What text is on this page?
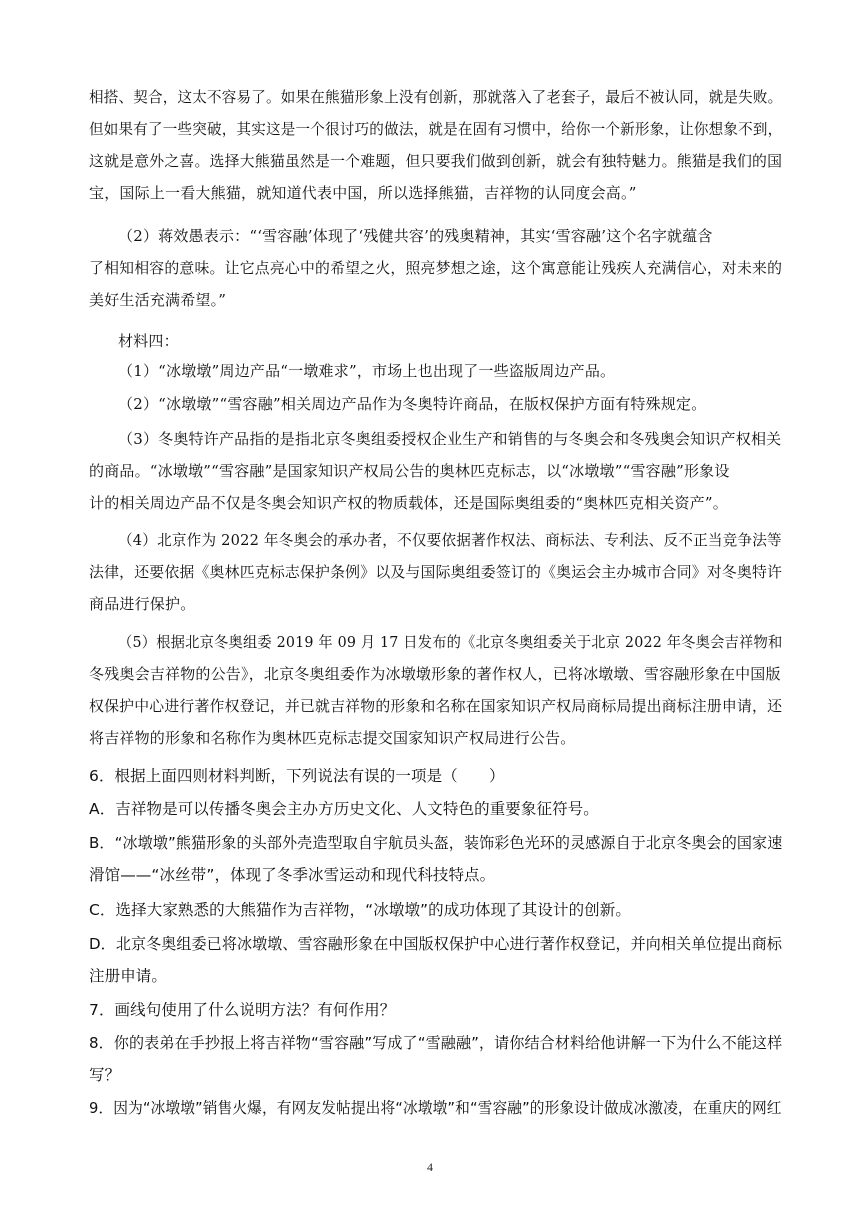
相搭、契合，这太不容易了。如果在熊猫形象上没有创新，那就落入了老套子，最后不被认同，就是失败。
但如果有了一些突破，其实这是一个很讨巧的做法，就是在固有习惯中，给你一个新形象，让你想象不到，
这就是意外之喜。选择大熊猫虽然是一个难题，但只要我们做到创新，就会有独特魅力。熊猫是我们的国
宝，国际上一看大熊猫，就知道代表中国，所以选择熊猫，吉祥物的认同度会高。”
（2）蒋效愚表示：“‘雪容融’体现了‘残健共容’的残奥精神，其实‘雪容融’这个名字就蕴含
了相知相容的意味。让它点亮心中的希望之火，照亮梦想之途，这个寓意能让残疾人充满信心，对未来的
美好生活充满希望。”
材料四：
（1）“冰墩墩”周边产品“一墩难求”，市场上也出现了一些盗版周边产品。
（2）“冰墩墩”“雪容融”相关周边产品作为冬奥特许商品，在版权保护方面有特殊规定。
（3）冬奥特许产品指的是指北京冬奥组委授权企业生产和销售的与冬奥会和冬残奥会知识产权相关
的商品。“冰墩墩”“雪容融”是国家知识产权局公告的奥林匹克标志，以“冰墩墩”“雪容融”形象设
计的相关周边产品不仅是冬奥会知识产权的物质载体，还是国际奥组委的“奥林匹克相关资产”。
（4）北京作为 2022 年冬奥会的承办者，不仅要依据著作权法、商标法、专利法、反不正当竞争法等
法律，还要依据《奥林匹克标志保护条例》以及与国际奥组委签订的《奥运会主办城市合同》对冬奥特许
商品进行保护。
（5）根据北京冬奥组委 2019 年 09 月 17 日发布的《北京冬奥组委关于北京 2022 年冬奥会吉祥物和
冬残奥会吉祥物的公告》，北京冬奥组委作为冰墩墩形象的著作权人，已将冰墩墩、雪容融形象在中国版
权保护中心进行著作权登记，并已就吉祥物的形象和名称在国家知识产权局商标局提出商标注册申请，还
将吉祥物的形象和名称作为奥林匹克标志提交国家知识产权局进行公告。
6．根据上面四则材料判断，下列说法有误的一项是（　　）
A．吉祥物是可以传播冬奥会主办方历史文化、人文特色的重要象征符号。
B．“冰墩墩”熊猫形象的头部外壳造型取自宇航员头盔，装饰彩色光环的灵感源自于北京冬奥会的国家速
滑馆——“冰丝带”，体现了冬季冰雪运动和现代科技特点。
C．选择大家熟悉的大熊猫作为吉祥物，“冰墩墩”的成功体现了其设计的创新。
D．北京冬奥组委已将冰墩墩、雪容融形象在中国版权保护中心进行著作权登记，并向相关单位提出商标
注册申请。
7．画线句使用了什么说明方法？有何作用？
8．你的表弟在手抄报上将吉祥物“雪容融”写成了“雪融融”，请你结合材料给他讲解一下为什么不能这样
写？
9．因为“冰墩墩”销售火爆，有网友发帖提出将“冰墩墩”和“雪容融”的形象设计做成冰激凌，在重庆的网红
4
